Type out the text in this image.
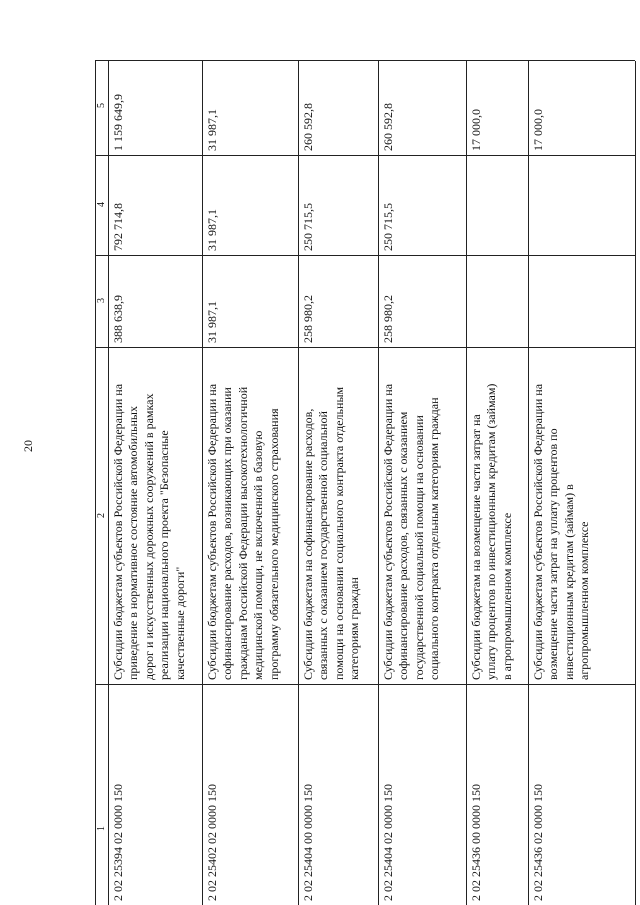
20
5
4
3
2
1
1 159 649,9
792 714,8
388 638,9
Субсидии бюджетам субъектов Российской Федерации на приведение в нормативное состояние автомобильных дорог и искусственных дорожных сооружений в рамках реализации национального проекта "Безопасные качественные дороги"
2 02 25394 02 0000 150
31 987,1
31 987,1
31 987,1
Субсидии бюджетам субъектов Российской Федерации на софинансирование расходов, возникающих при оказании гражданам Российской Федерации высокотехнологичной медицинской помощи, не включенной в базовую программу обязательного медицинского страхования
2 02 25402 02 0000 150
260 592,8
250 715,5
258 980,2
Субсидии бюджетам на софинансирование расходов, связанных с оказанием государственной социальной помощи на основании социального контракта отдельным категориям граждан
2 02 25404 00 0000 150
260 592,8
250 715,5
258 980,2
Субсидии бюджетам субъектов Российской Федерации на софинансирование расходов, связанных с оказанием государственной социальной помощи на основании социального контракта отдельным категориям граждан
2 02 25404 02 0000 150
17 000,0
Субсидии бюджетам на возмещение части затрат на уплату процентов по инвестиционным кредитам (займам) в агропромышленном комплексе
2 02 25436 00 0000 150
17 000,0
Субсидии бюджетам субъектов Российской Федерации на возмещение части затрат на уплату процентов по инвестиционным кредитам (займам) в агропромышленном комплексе
2 02 25436 02 0000 150
